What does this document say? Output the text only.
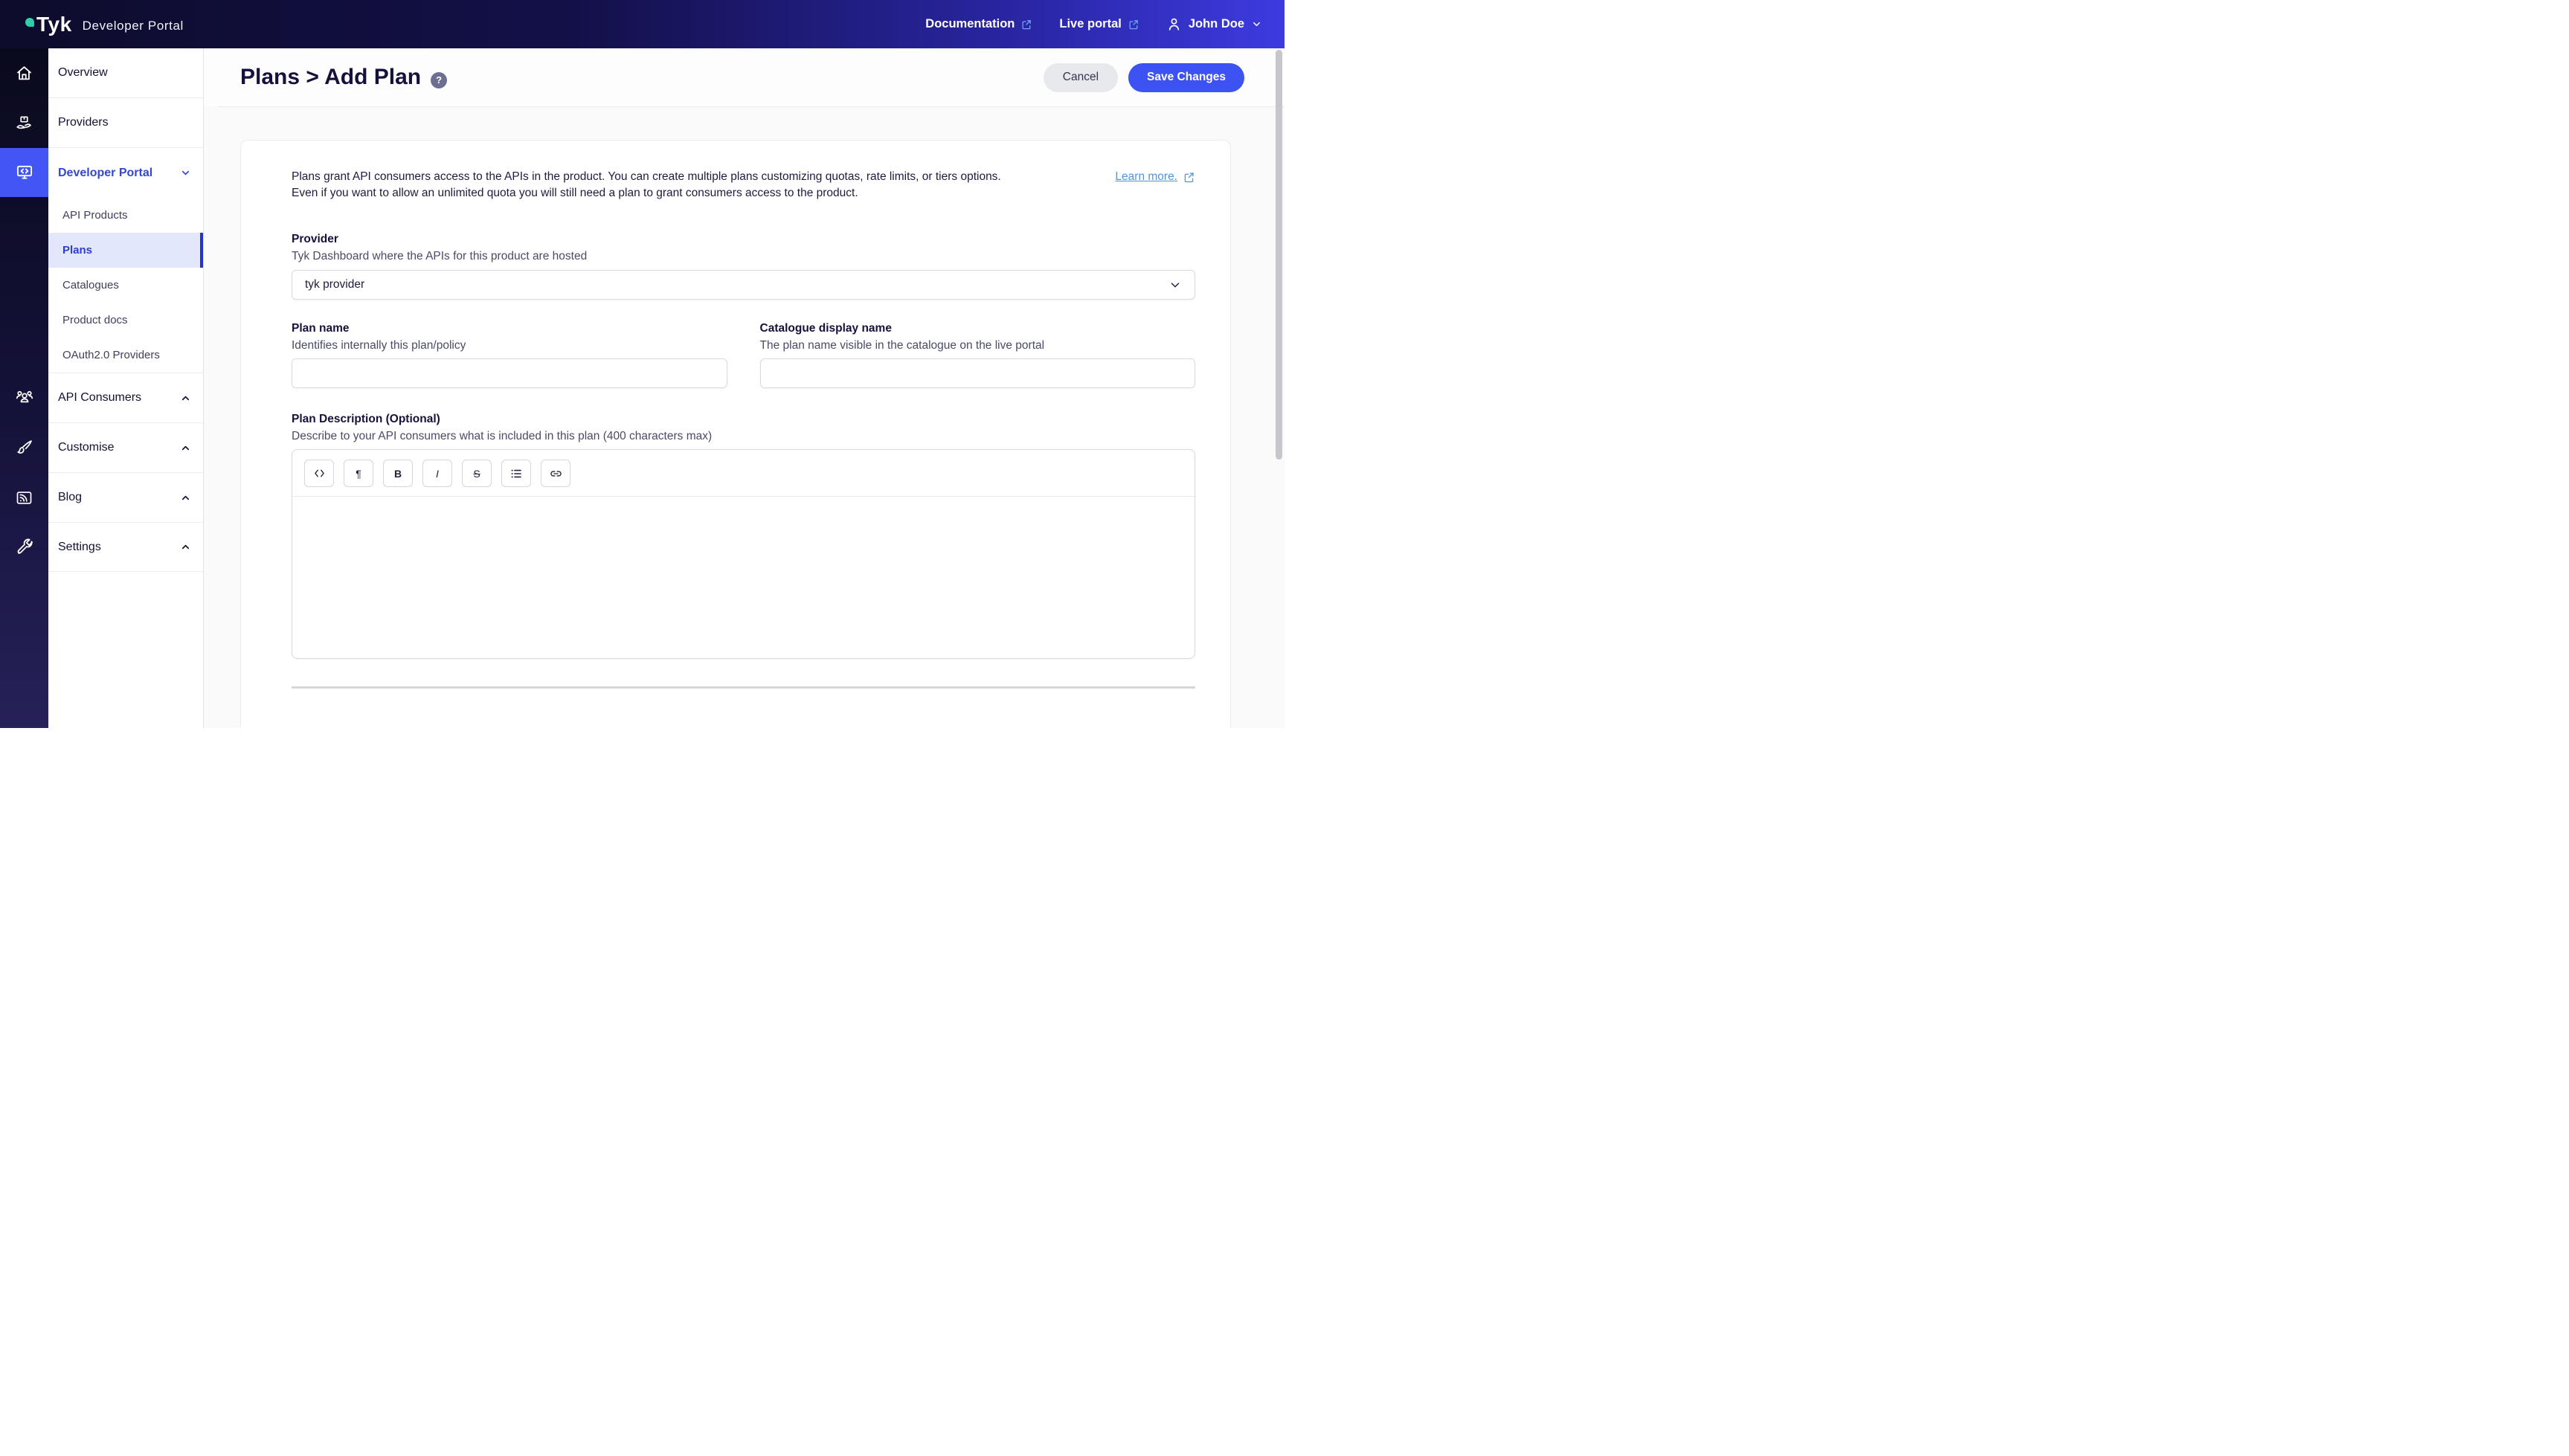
Tyk Developer Portal	Documentation	Live portal	John Doe
Overview
Providers
Developer Portal
API Products
Plans
Catalogues
Product docs
OAuth2.0 Providers
API Consumers
Customise
Blog
Settings
Plans > Add Plan	?	Cancel	Save Changes
Plans grant API consumers access to the APIs in the product. You can create multiple plans customizing quotas, rate limits, or tiers options.
Even if you want to allow an unlimited quota you will still need a plan to grant consumers access to the product.
Learn more.
Provider
Tyk Dashboard where the APIs for this product are hosted
tyk provider
Plan name
Identifies internally this plan/policy
Catalogue display name
The plan name visible in the catalogue on the live portal
Plan Description (Optional)
Describe to your API consumers what is included in this plan (400 characters max)
¶	B	I	S
